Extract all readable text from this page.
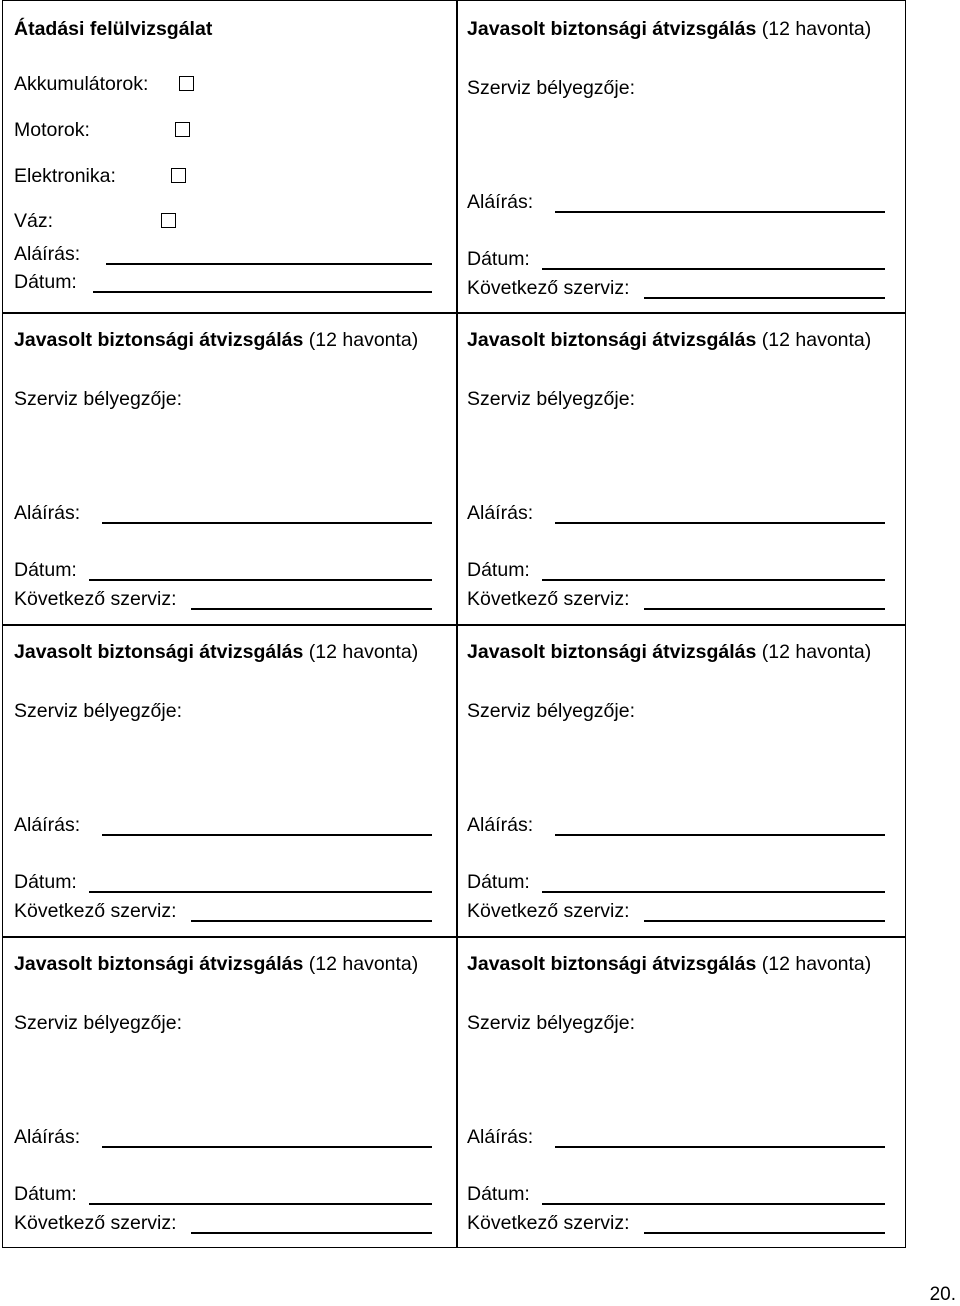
Átadási felülvizsgálat
Akkumulátorok:
Motorok:
Elektronika:
Váz:
Aláírás:
Dátum:
Javasolt biztonsági átvizsgálás (12 havonta)
Szerviz bélyegzője:
Aláírás:
Dátum:
Következő szerviz:
Javasolt biztonsági átvizsgálás (12 havonta)
Szerviz bélyegzője:
Aláírás:
Dátum:
Következő szerviz:
Javasolt biztonsági átvizsgálás (12 havonta)
Szerviz bélyegzője:
Aláírás:
Dátum:
Következő szerviz:
Javasolt biztonsági átvizsgálás (12 havonta)
Szerviz bélyegzője:
Aláírás:
Dátum:
Következő szerviz:
Javasolt biztonsági átvizsgálás (12 havonta)
Szerviz bélyegzője:
Aláírás:
Dátum:
Következő szerviz:
Javasolt biztonsági átvizsgálás (12 havonta)
Szerviz bélyegzője:
Aláírás:
Dátum:
Következő szerviz:
Javasolt biztonsági átvizsgálás (12 havonta)
Szerviz bélyegzője:
Aláírás:
Dátum:
Következő szerviz:
20.
